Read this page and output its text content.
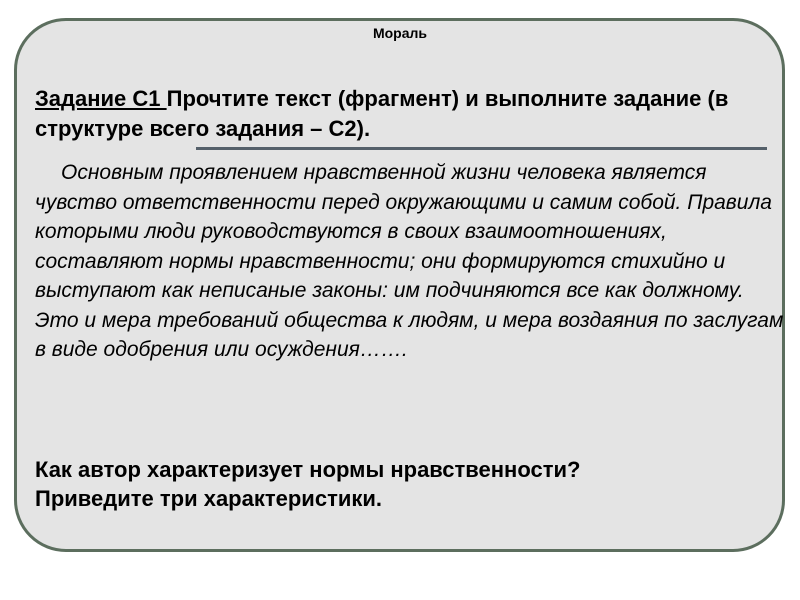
Мораль

Задание С1 Прочтите текст (фрагмент) и выполните задание (в структуре всего задания – С2).

Основным проявлением нравственной жизни человека является чувство ответственности перед окружающими и самим собой. Правила которыми люди руководствуются в своих взаимоотношениях, составляют нормы нравственности; они формируются стихийно и выступают как неписаные законы: им подчиняются все как должному. Это и мера требований общества к людям, и мера воздаяния по заслугам в виде одобрения или осуждения…….

Как автор характеризует нормы нравственности?
Приведите три характеристики.
